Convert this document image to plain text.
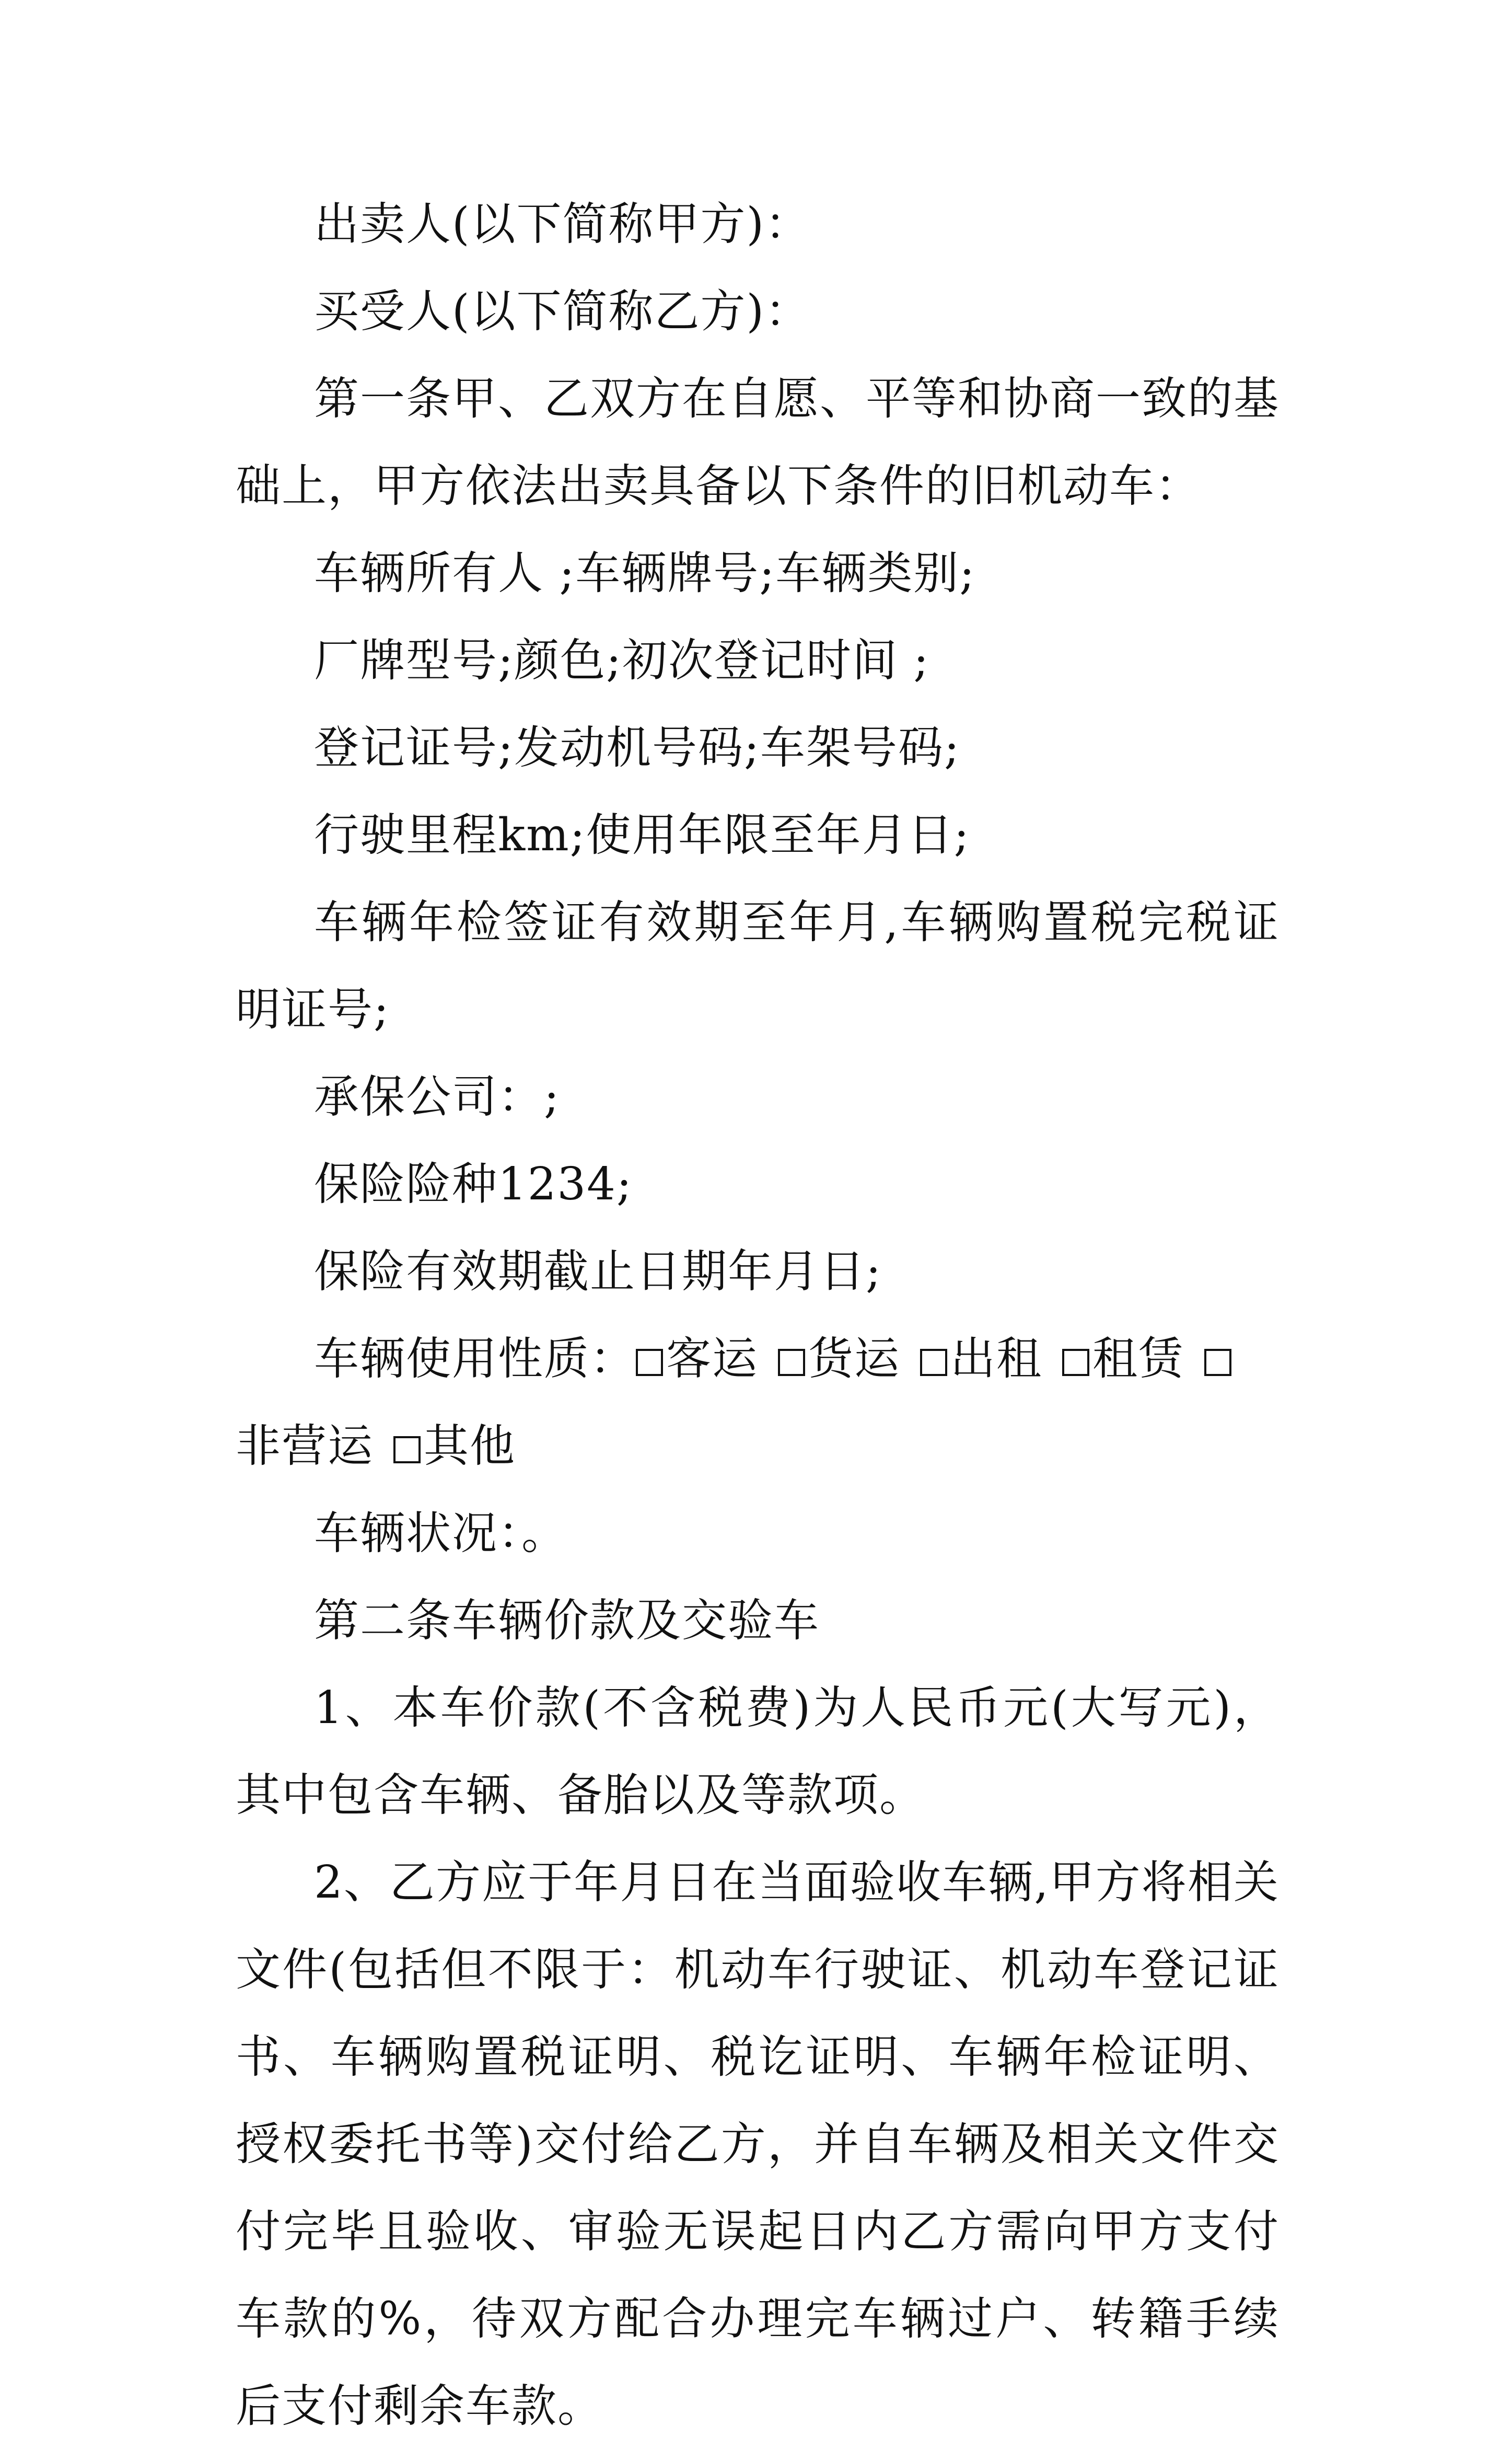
出卖人(以下简称甲方)：

买受人(以下简称乙方)：

第一条甲、乙双方在自愿、平等和协商一致的基础上，甲方依法出卖具备以下条件的旧机动车：

车辆所有人 ;车辆牌号;车辆类别;

厂牌型号;颜色;初次登记时间 ;

登记证号;发动机号码;车架号码;

行驶里程km;使用年限至年月日;

车辆年检签证有效期至年月,车辆购置税完税证明证号;

承保公司：;

保险险种1234;

保险有效期截止日期年月日;

车辆使用性质： 客运 货运 出租 租赁非营运 其他

车辆状况：。

第二条车辆价款及交验车

1、本车价款(不含税费)为人民币元(大写元)，其中包含车辆、备胎以及等款项。

2、乙方应于年月日在当面验收车辆,甲方将相关文件(包括但不限于：机动车行驶证、机动车登记证书、车辆购置税证明、税讫证明、车辆年检证明、授权委托书等)交付给乙方，并自车辆及相关文件交付完毕且验收、审验无误起日内乙方需向甲方支付车款的%，待双方配合办理完车辆过户、转籍手续后支付剩余车款。
